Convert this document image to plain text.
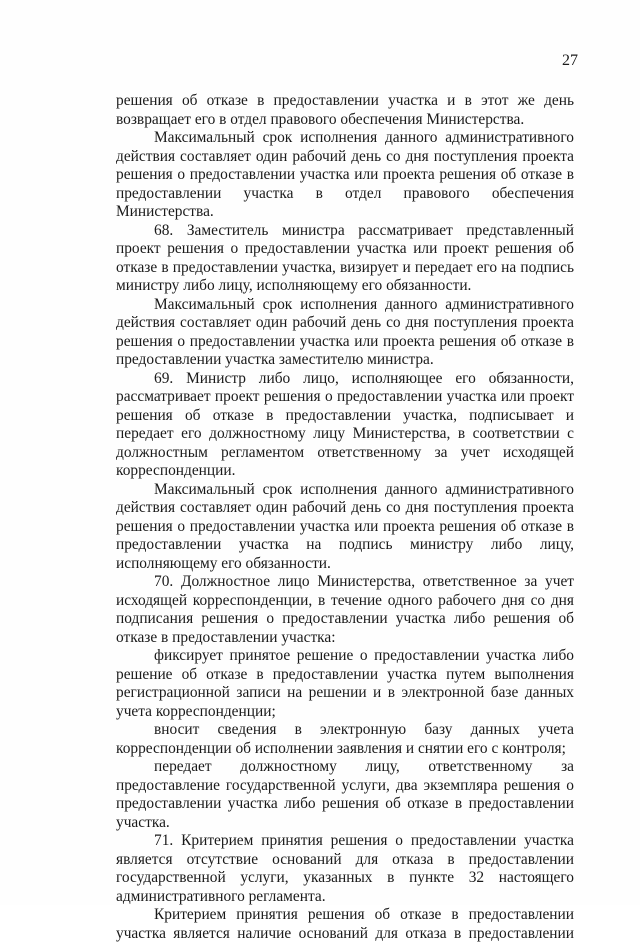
27

решения об отказе в предоставлении участка и в этот же день возвращает его в отдел правового обеспечения Министерства.

Максимальный срок исполнения данного административного действия составляет один рабочий день со дня поступления проекта решения о предоставлении участка или проекта решения об отказе в предоставлении участка в отдел правового обеспечения Министерства.

68. Заместитель министра рассматривает представленный проект решения о предоставлении участка или проект решения об отказе в предоставлении участка, визирует и передает его на подпись министру либо лицу, исполняющему его обязанности.

Максимальный срок исполнения данного административного действия составляет один рабочий день со дня поступления проекта решения о предоставлении участка или проекта решения об отказе в предоставлении участка заместителю министра.

69. Министр либо лицо, исполняющее его обязанности, рассматривает проект решения о предоставлении участка или проект решения об отказе в предоставлении участка, подписывает и передает его должностному лицу Министерства, в соответствии с должностным регламентом ответственному за учет исходящей корреспонденции.

Максимальный срок исполнения данного административного действия составляет один рабочий день со дня поступления проекта решения о предоставлении участка или проекта решения об отказе в предоставлении участка на подпись министру либо лицу, исполняющему его обязанности.

70. Должностное лицо Министерства, ответственное за учет исходящей корреспонденции, в течение одного рабочего дня со дня подписания решения о предоставлении участка либо решения об отказе в предоставлении участка:

фиксирует принятое решение о предоставлении участка либо решение об отказе в предоставлении участка путем выполнения регистрационной записи на решении и в электронной базе данных учета корреспонденции;

вносит сведения в электронную базу данных учета корреспонденции об исполнении заявления и снятии его с контроля;

передает должностному лицу, ответственному за предоставление государственной услуги, два экземпляра решения о предоставлении участка либо решения об отказе в предоставлении участка.

71. Критерием принятия решения о предоставлении участка является отсутствие оснований для отказа в предоставлении государственной услуги, указанных в пункте 32 настоящего административного регламента.

Критерием принятия решения об отказе в предоставлении участка является наличие оснований для отказа в предоставлении
